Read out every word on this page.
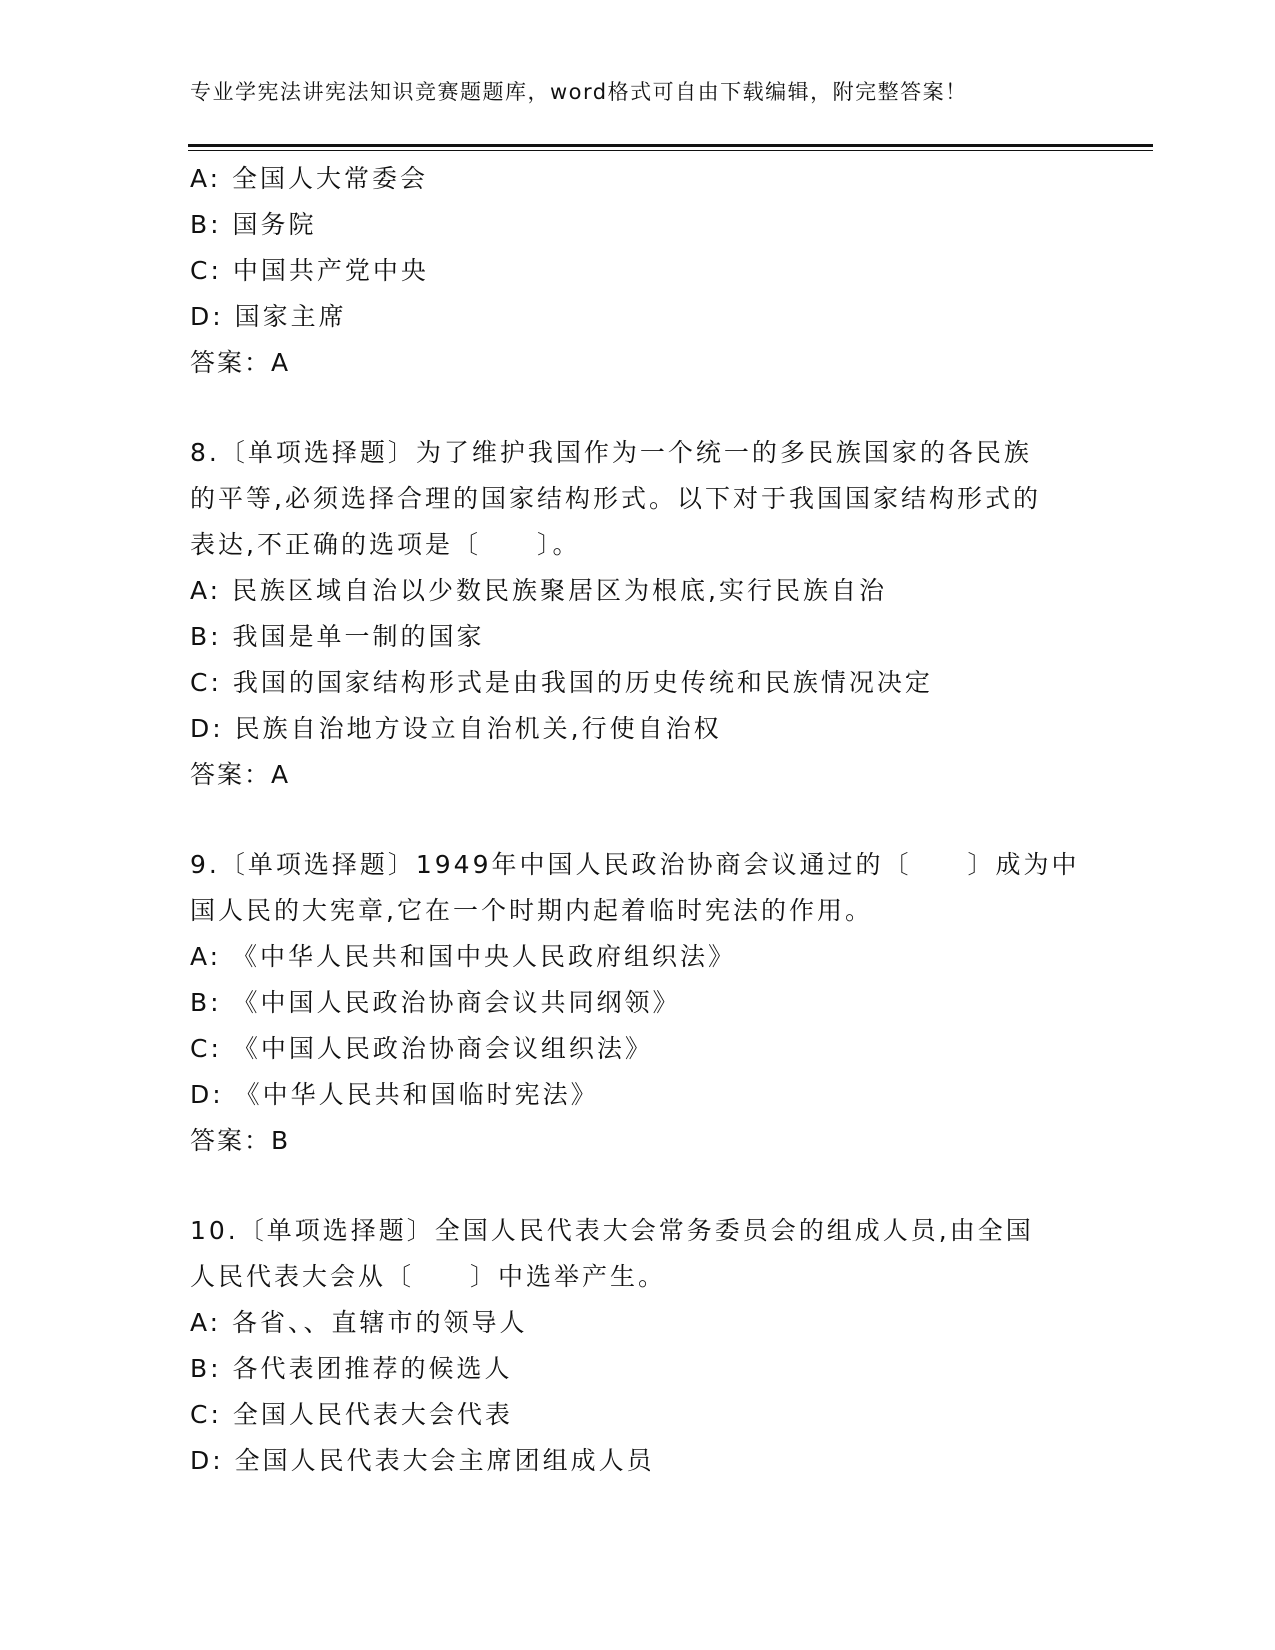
专业学宪法讲宪法知识竞赛题题库，word格式可自由下载编辑，附完整答案！
A: 全国人大常委会
B: 国务院
C: 中国共产党中央
D: 国家主席
答案：A
8.〔单项选择题〕为了维护我国作为一个统一的多民族国家的各民族
的平等,必须选择合理的国家结构形式。以下对于我国国家结构形式的
表达,不正确的选项是〔　　〕。
A: 民族区域自治以少数民族聚居区为根底,实行民族自治
B: 我国是单一制的国家
C: 我国的国家结构形式是由我国的历史传统和民族情况决定
D: 民族自治地方设立自治机关,行使自治权
答案：A
9.〔单项选择题〕1949年中国人民政治协商会议通过的〔　　〕成为中
国人民的大宪章,它在一个时期内起着临时宪法的作用。
A: 《中华人民共和国中央人民政府组织法》
B: 《中国人民政治协商会议共同纲领》
C: 《中国人民政治协商会议组织法》
D: 《中华人民共和国临时宪法》
答案：B
10.〔单项选择题〕全国人民代表大会常务委员会的组成人员,由全国
人民代表大会从〔　　〕中选举产生。
A: 各省、、直辖市的领导人
B: 各代表团推荐的候选人
C: 全国人民代表大会代表
D: 全国人民代表大会主席团组成人员
